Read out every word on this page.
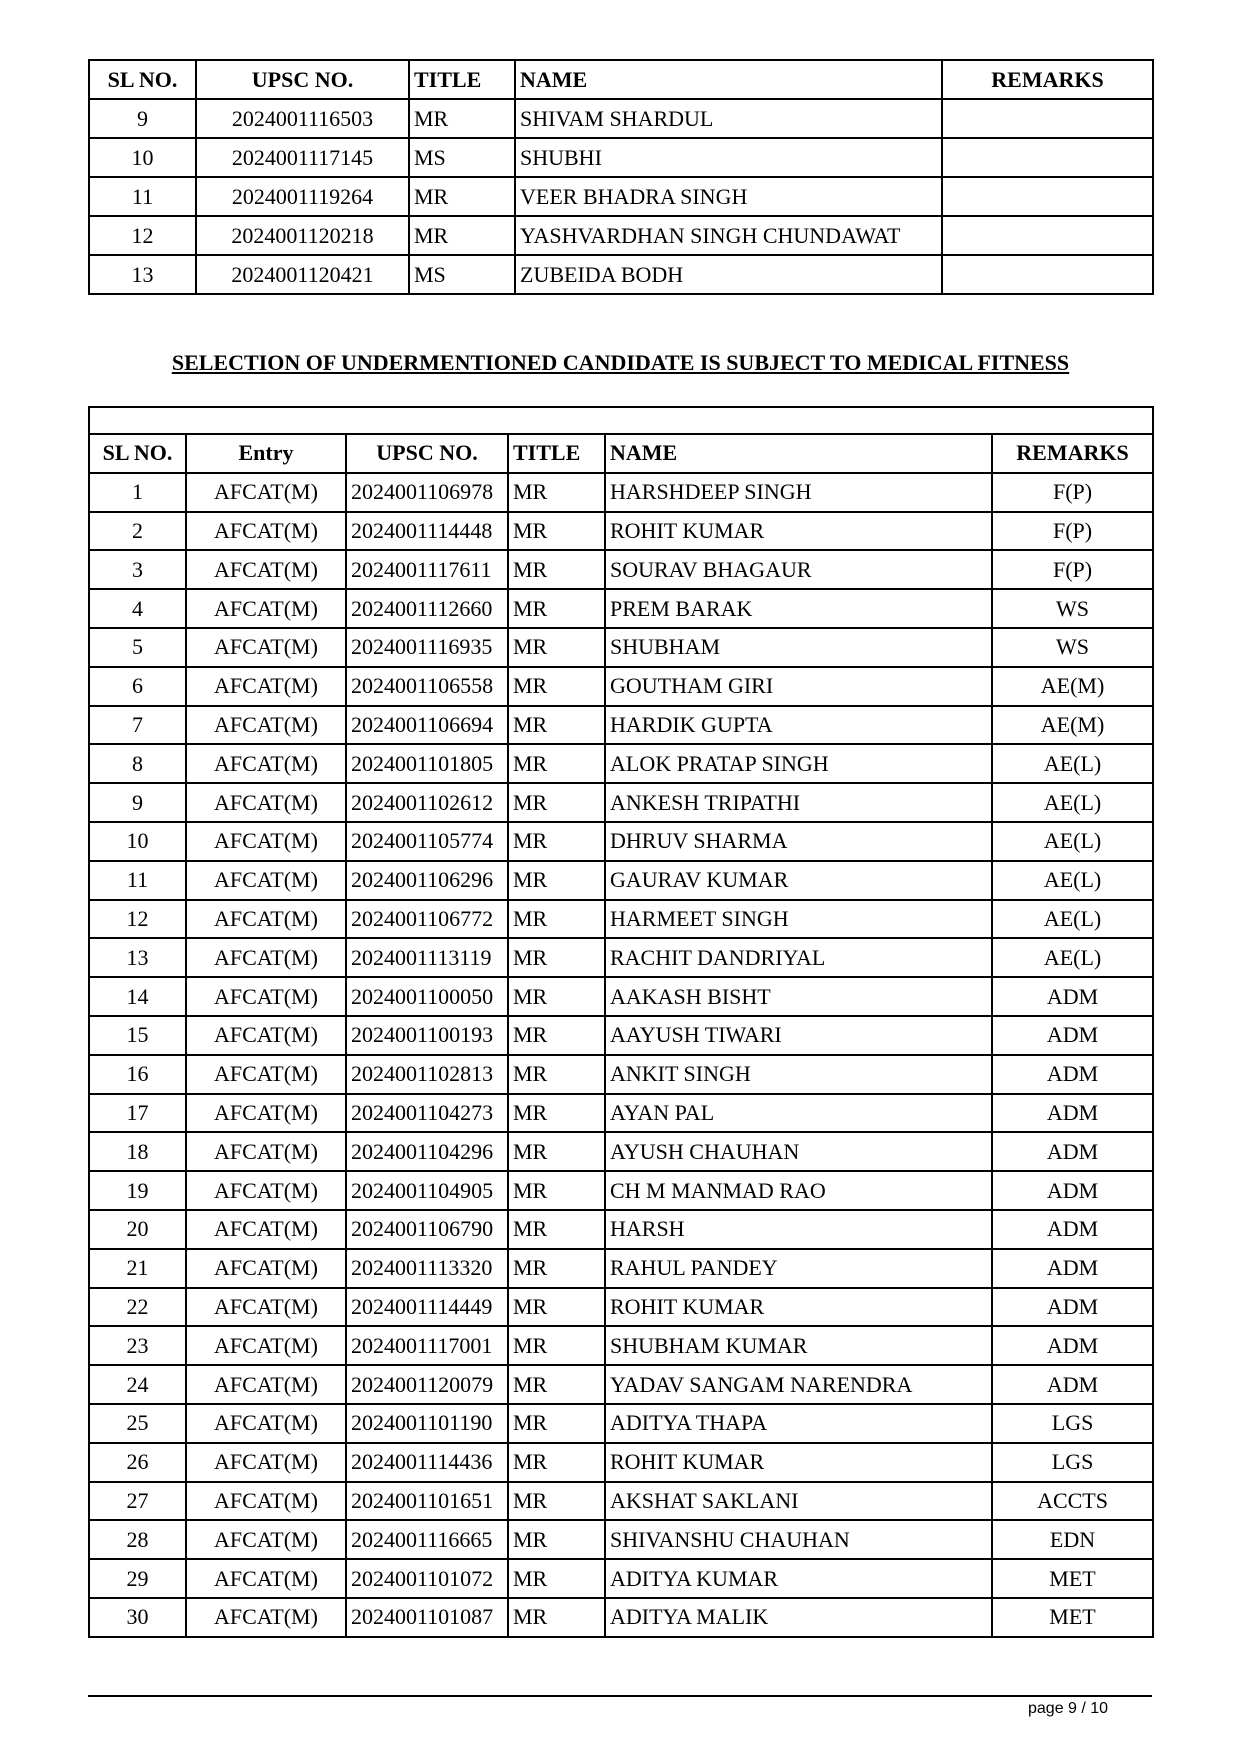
SL NO.	UPSC NO.	TITLE	NAME	REMARKS
9	2024001116503	MR	SHIVAM SHARDUL	
10	2024001117145	MS	SHUBHI	
11	2024001119264	MR	VEER BHADRA SINGH	
12	2024001120218	MR	YASHVARDHAN SINGH CHUNDAWAT	
13	2024001120421	MS	ZUBEIDA BODH	
SELECTION OF UNDERMENTIONED CANDIDATE IS SUBJECT TO MEDICAL FITNESS

SL NO.	Entry	UPSC NO.	TITLE	NAME	REMARKS
1	AFCAT(M)	2024001106978	MR	HARSHDEEP SINGH	F(P)
2	AFCAT(M)	2024001114448	MR	ROHIT KUMAR	F(P)
3	AFCAT(M)	2024001117611	MR	SOURAV BHAGAUR	F(P)
4	AFCAT(M)	2024001112660	MR	PREM BARAK	WS
5	AFCAT(M)	2024001116935	MR	SHUBHAM	WS
6	AFCAT(M)	2024001106558	MR	GOUTHAM GIRI	AE(M)
7	AFCAT(M)	2024001106694	MR	HARDIK GUPTA	AE(M)
8	AFCAT(M)	2024001101805	MR	ALOK PRATAP SINGH	AE(L)
9	AFCAT(M)	2024001102612	MR	ANKESH TRIPATHI	AE(L)
10	AFCAT(M)	2024001105774	MR	DHRUV SHARMA	AE(L)
11	AFCAT(M)	2024001106296	MR	GAURAV KUMAR	AE(L)
12	AFCAT(M)	2024001106772	MR	HARMEET SINGH	AE(L)
13	AFCAT(M)	2024001113119	MR	RACHIT DANDRIYAL	AE(L)
14	AFCAT(M)	2024001100050	MR	AAKASH BISHT	ADM
15	AFCAT(M)	2024001100193	MR	AAYUSH TIWARI	ADM
16	AFCAT(M)	2024001102813	MR	ANKIT SINGH	ADM
17	AFCAT(M)	2024001104273	MR	AYAN PAL	ADM
18	AFCAT(M)	2024001104296	MR	AYUSH CHAUHAN	ADM
19	AFCAT(M)	2024001104905	MR	CH M MANMAD RAO	ADM
20	AFCAT(M)	2024001106790	MR	HARSH	ADM
21	AFCAT(M)	2024001113320	MR	RAHUL PANDEY	ADM
22	AFCAT(M)	2024001114449	MR	ROHIT KUMAR	ADM
23	AFCAT(M)	2024001117001	MR	SHUBHAM KUMAR	ADM
24	AFCAT(M)	2024001120079	MR	YADAV SANGAM NARENDRA	ADM
25	AFCAT(M)	2024001101190	MR	ADITYA THAPA	LGS
26	AFCAT(M)	2024001114436	MR	ROHIT KUMAR	LGS
27	AFCAT(M)	2024001101651	MR	AKSHAT SAKLANI	ACCTS
28	AFCAT(M)	2024001116665	MR	SHIVANSHU CHAUHAN	EDN
29	AFCAT(M)	2024001101072	MR	ADITYA KUMAR	MET
30	AFCAT(M)	2024001101087	MR	ADITYA MALIK	MET
page 9 / 10
